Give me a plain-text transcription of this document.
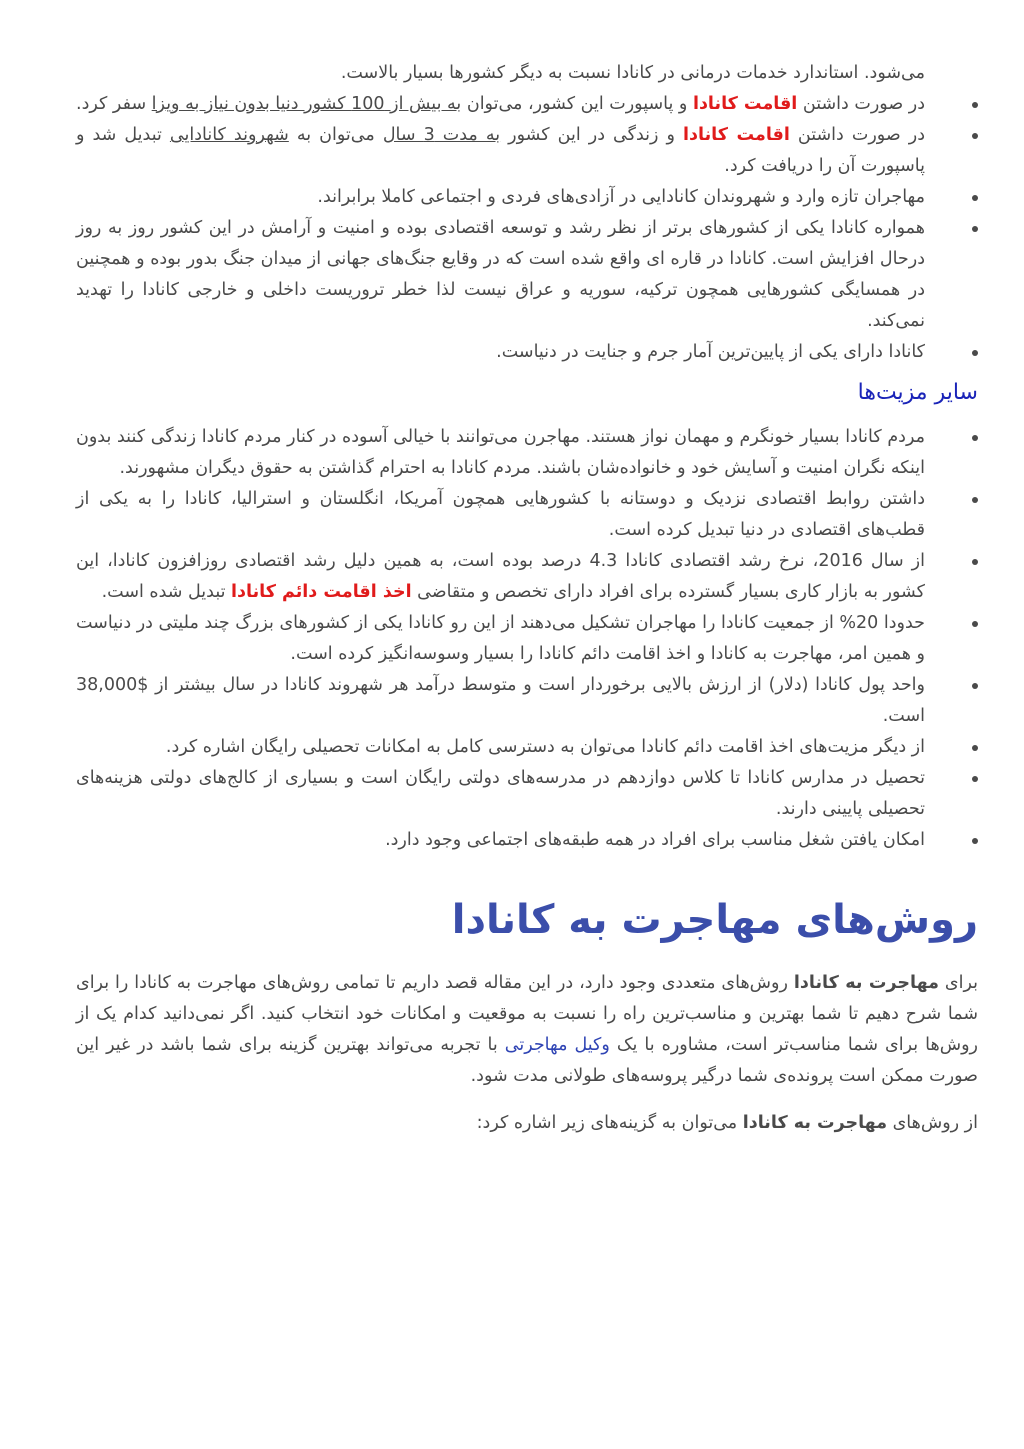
می‌شود. استاندارد خدمات درمانی در کانادا نسبت به دیگر کشورها بسیار بالاست.
در صورت داشتن اقامت کانادا و پاسپورت این کشور، می‌توان به بیش از 100 کشور دنیا بدون نیاز به ویزا سفر کرد.
در صورت داشتن اقامت کانادا و زندگی در این کشور به مدت 3 سال می‌توان به شهروند کانادایی تبدیل شد و پاسپورت آن را دریافت کرد.
مهاجران تازه وارد و شهروندان کانادایی در آزادی‌های فردی و اجتماعی کاملا برابراند.
همواره کانادا یکی از کشورهای برتر از نظر رشد و توسعه اقتصادی بوده و امنیت و آرامش در این کشور روز به روز درحال افزایش است. کانادا در قاره ای واقع شده است که در وقایع جنگ‌های جهانی از میدان جنگ بدور بوده و همچنین در همسایگی کشورهایی همچون ترکیه، سوریه و عراق نیست لذا خطر تروریست داخلی و خارجی کانادا را تهدید نمی‌کند.
کانادا دارای یکی از پایین‌ترین آمار جرم و جنایت در دنیاست.
سایر مزیت‌ها
مردم کانادا بسیار خونگرم و مهمان نواز هستند. مهاجرن می‌توانند با خیالی آسوده در کنار مردم کانادا زندگی کنند بدون اینکه نگران امنیت و آسایش خود و خانواده‌شان باشند. مردم کانادا به احترام گذاشتن به حقوق دیگران مشهورند.
داشتن روابط اقتصادی نزدیک و دوستانه با کشورهایی همچون آمریکا، انگلستان و استرالیا، کانادا را به یکی از قطب‌های اقتصادی در دنیا تبدیل کرده است.
از سال 2016، نرخ رشد اقتصادی کانادا 4.3 درصد بوده است، به همین دلیل رشد اقتصادی روزافزون کانادا، این کشور به بازار کاری بسیار گسترده برای افراد دارای تخصص و متقاضی اخذ اقامت دائم کانادا تبدیل شده است.
حدودا 20% از جمعیت کانادا را مهاجران تشکیل می‌دهند از این رو کانادا یکی از کشورهای بزرگ چند ملیتی در دنیاست و همین امر، مهاجرت به کانادا و اخذ اقامت دائم کانادا را بسیار وسوسه‌انگیز کرده است.
واحد پول کانادا (دلار) از ارزش بالایی برخوردار است و متوسط درآمد هر شهروند کانادا در سال بیشتر از $38,000 است.
از دیگر مزیت‌های اخذ اقامت دائم کانادا می‌توان به دسترسی کامل به امکانات تحصیلی رایگان اشاره کرد.
تحصیل در مدارس کانادا تا کلاس دوازدهم در مدرسه‌های دولتی رایگان است و بسیاری از کالج‌های دولتی هزینه‌های تحصیلی پایینی دارند.
امکان یافتن شغل مناسب برای افراد در همه طبقه‌های اجتماعی وجود دارد.
روش‌های مهاجرت به کانادا

برای مهاجرت به کانادا روش‌های متعددی وجود دارد، در این مقاله قصد داریم تا تمامی روش‌های مهاجرت به کانادا را برای شما شرح دهیم تا شما بهترین و مناسب‌ترین راه را نسبت به موقعیت و امکانات خود انتخاب کنید. اگر نمی‌دانید کدام یک از روش‌ها برای شما مناسب‌تر است، مشاوره با یک وکیل مهاجرتی با تجربه می‌تواند بهترین گزینه برای شما باشد در غیر این صورت ممکن است پرونده‌ی شما درگیر پروسه‌های طولانی مدت شود.

از روش‌های مهاجرت به کانادا می‌توان به گزینه‌های زیر اشاره کرد:
